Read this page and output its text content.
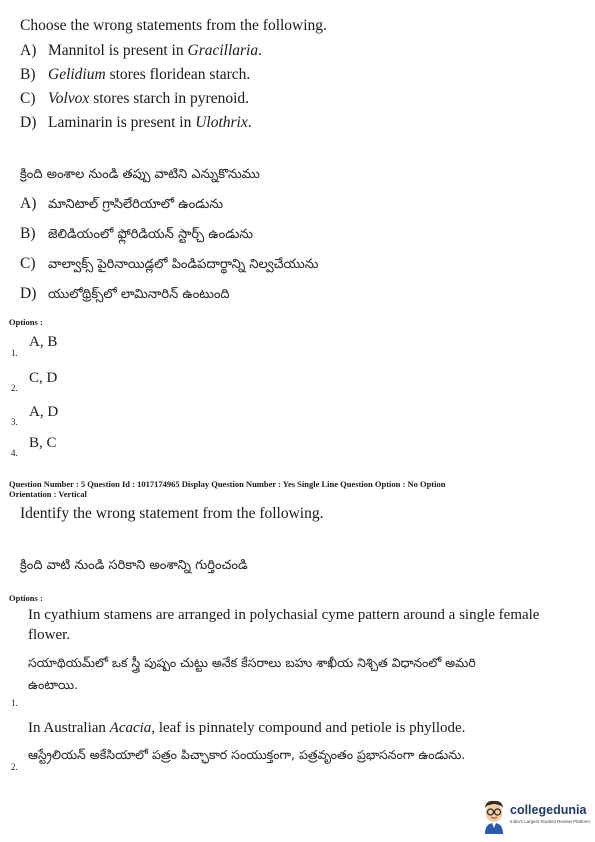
Choose the wrong statements from the following.
A) Mannitol is present in Gracillaria.
B) Gelidium stores floridean starch.
C) Volvox stores starch in pyrenoid.
D) Laminarin is present in Ulothrix.
క్రింది అంశాల నుండి తప్పు వాటిని ఎన్నుకొనుము
A) మానిటాల్ గ్రాసిలేరియాలో ఉండును
B) జెలిడియంలో ఫ్లోరిడియన్ స్టార్చ్ ఉండును
C) వాల్వాక్స్ పైరినాయిడ్లలో పిండిపదార్థాన్ని నిల్వచేయును
D) యులోథ్రిక్స్‌లో లామినారిన్ ఉంటుంది
Options :
A, B
1.
C, D
2.
A, D
3.
B, C
4.
Question Number : 5 Question Id : 1017174965 Display Question Number : Yes Single Line Question Option : No Option
Orientation : Vertical
Identify the wrong statement from the following.
క్రింది వాటి నుండి సరికాని అంశాన్ని గుర్తించండి
Options :
In cyathium stamens are arranged in polychasial cyme pattern around a single female
flower.
సయాథియమ్‌లో ఒక స్త్రీ పుష్పం చుట్టు అనేక కేసరాలు బహు శాఖీయ నిశ్చిత విధానంలో అమరి
ఉంటాయి.
1.
In Australian Acacia, leaf is pinnately compound and petiole is phyllode.
ఆస్ట్రేలియన్ అకేసియాలో పత్రం పిచ్ఛాకార సంయుక్తంగా, పత్రవృంతం ప్రభాసనంగా ఉండును.
2.
collegedunia
India's Largest Student Review Platform
